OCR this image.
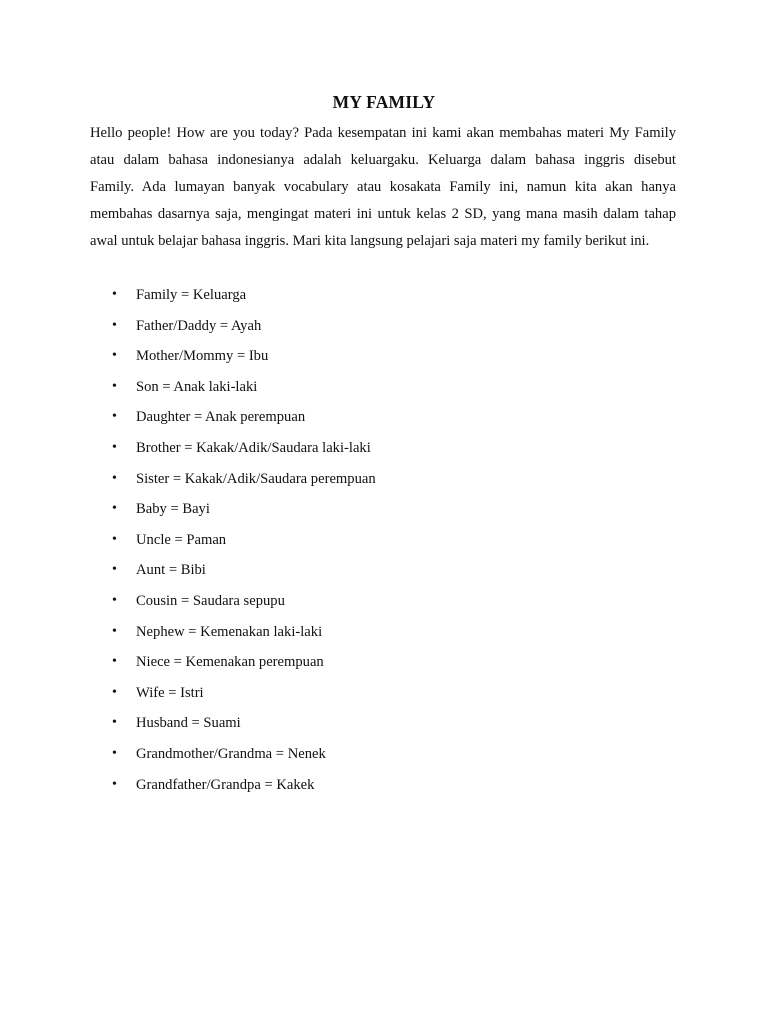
MY FAMILY
Hello people! How are you today? Pada kesempatan ini kami akan membahas materi My Family
atau dalam bahasa indonesianya adalah keluargaku. Keluarga dalam bahasa inggris disebut
Family. Ada lumayan banyak vocabulary atau kosakata Family ini, namun kita akan hanya
membahas dasarnya saja, mengingat materi ini untuk kelas 2 SD, yang mana masih dalam tahap
awal untuk belajar bahasa inggris. Mari kita langsung pelajari saja materi my family berikut ini.
• Family = Keluarga
• Father/Daddy = Ayah
• Mother/Mommy = Ibu
• Son = Anak laki-laki
• Daughter = Anak perempuan
• Brother = Kakak/Adik/Saudara laki-laki
• Sister = Kakak/Adik/Saudara perempuan
• Baby = Bayi
• Uncle = Paman
• Aunt = Bibi
• Cousin = Saudara sepupu
• Nephew = Kemenakan laki-laki
• Niece = Kemenakan perempuan
• Wife = Istri
• Husband = Suami
• Grandmother/Grandma = Nenek
• Grandfather/Grandpa = Kakek
